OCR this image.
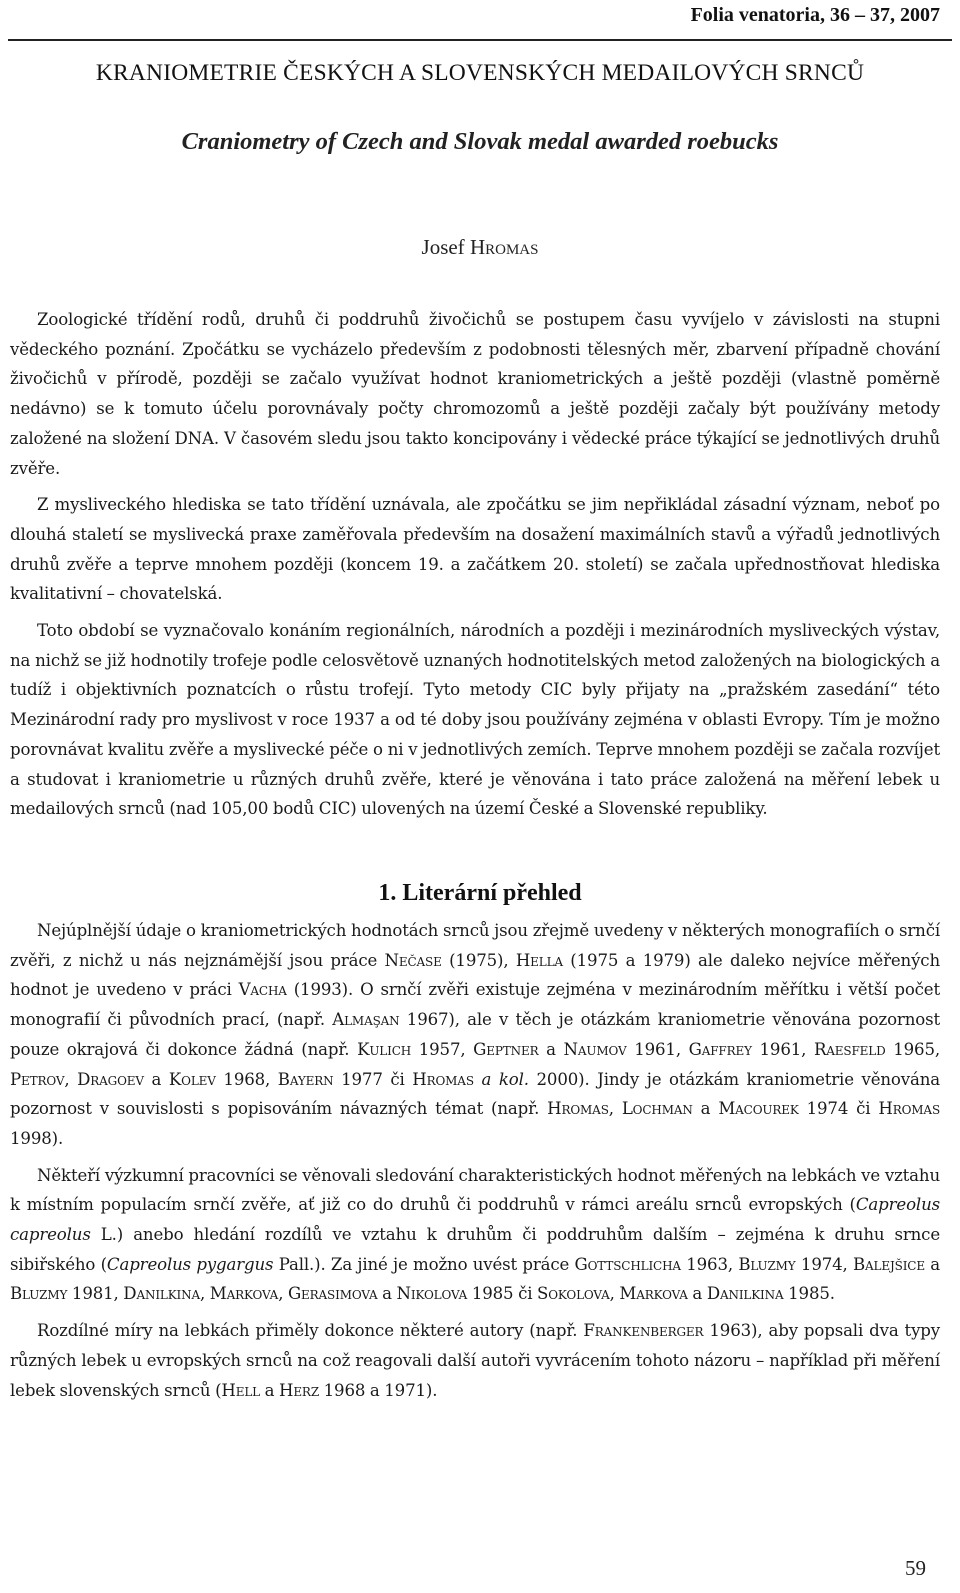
Folia venatoria, 36 – 37, 2007
KRANIOMETRIE ČESKÝCH A SLOVENSKÝCH MEDAILOVÝCH SRNCŮ
Craniometry of Czech and Slovak medal awarded roebucks
Josef Hromas

Zoologické třídění rodů, druhů či poddruhů živočichů se postupem času vyvíjelo v závislosti na stupni vědeckého poznání. Zpočátku se vycházelo především z podobnosti tělesných měr, zbarvení případně chování živočichů v přírodě, později se začalo využívat hodnot kraniometrických a ještě později (vlastně poměrně nedávno) se k tomuto účelu porovnávaly počty chromozomů a ještě později začaly být používány metody založené na složení DNA. V časovém sledu jsou takto koncipovány i vědecké práce týkající se jednotlivých druhů zvěře.

Z mysliveckého hlediska se tato třídění uznávala, ale zpočátku se jim nepřikládal zásadní význam, neboť po dlouhá staletí se myslivecká praxe zaměřovala především na dosažení maximálních stavů a výřadů jednotlivých druhů zvěře a teprve mnohem později (koncem 19. a začátkem 20. století) se začala upřednostňovat hlediska kvalitativní – chovatelská.

Toto období se vyznačovalo konáním regionálních, národních a později i mezinárodních mysliveckých výstav, na nichž se již hodnotily trofeje podle celosvětově uznaných hodnotitelských metod založených na biologických a tudíž i objektivních poznatcích o růstu trofejí. Tyto metody CIC byly přijaty na „pražském zasedání“ této Mezinárodní rady pro myslivost v roce 1937 a od té doby jsou používány zejména v oblasti Evropy. Tím je možno porovnávat kvalitu zvěře a myslivecké péče o ni v jednotlivých zemích. Teprve mnohem později se začala rozvíjet a studovat i kraniometrie u různých druhů zvěře, které je věnována i tato práce založená na měření lebek u medailových srnců (nad 105,00 bodů CIC) ulovených na území České a Slovenské republiky.

1. Literární přehled

Nejúplnější údaje o kraniometrických hodnotách srnců jsou zřejmě uvedeny v některých monografiích o srnčí zvěři, z nichž u nás nejznámější jsou práce Nečase (1975), Hella (1975 a 1979) ale daleko nejvíce měřených hodnot je uvedeno v práci Vacha (1993). O srnčí zvěři existuje zejména v mezinárodním měřítku i větší počet monografií či původních prací, (např. Almaşan 1967), ale v těch je otázkám kraniometrie věnována pozornost pouze okrajová či dokonce žádná (např. Kulich 1957, Geptner a Naumov 1961, Gaffrey 1961, Raesfeld 1965, Petrov, Dragoev a Kolev 1968, Bayern 1977 či Hromas a kol. 2000). Jindy je otázkám kraniometrie věnována pozornost v souvislosti s popisováním návazných témat (např. Hromas, Lochman a Macourek 1974 či Hromas 1998).

Někteří výzkumní pracovníci se věnovali sledování charakteristických hodnot měřených na lebkách ve vztahu k místním populacím srnčí zvěře, ať již co do druhů či poddruhů v rámci areálu srnců evropských (Capreolus capreolus L.) anebo hledání rozdílů ve vztahu k druhům či poddruhům dalším – zejména k druhu srnce sibiřského (Capreolus pygargus Pall.). Za jiné je možno uvést práce Gottschlicha 1963, Bluzmy 1974, Balejšice a Bluzmy 1981, Danilkina, Markova, Gerasimova a Nikolova 1985 či Sokolova, Markova a Danilkina 1985.

Rozdílné míry na lebkách přiměly dokonce některé autory (např. Frankenberger 1963), aby popsali dva typy různých lebek u evropských srnců na což reagovali další autoři vyvrácením tohoto názoru – například při měření lebek slovenských srnců (Hell a Herz 1968 a 1971).

59
